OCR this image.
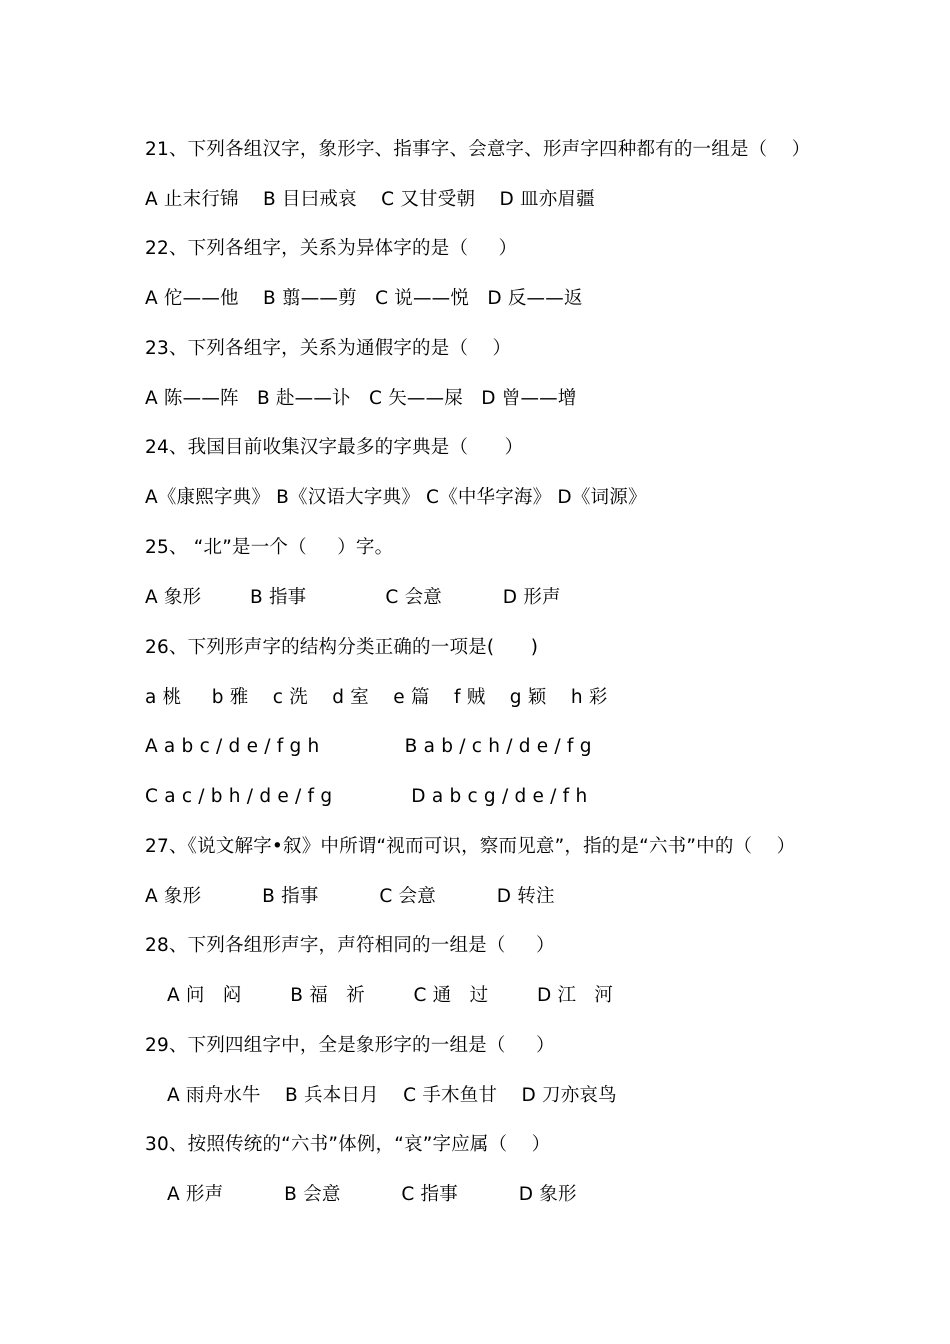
21、下列各组汉字，象形字、指事字、会意字、形声字四种都有的一组是（    ）
A 止末行锦    B 目曰戒哀    C 又甘受朝    D 皿亦眉疆
22、下列各组字，关系为异体字的是（     ）
A 佗——他    B 翦——剪   C 说——悦   D 反——返
23、下列各组字，关系为通假字的是（    ）
A 陈——阵   B 赴——讣   C 矢——屎   D 曾——增
24、我国目前收集汉字最多的字典是（      ）
A《康熙字典》 B《汉语大字典》 C《中华字海》 D《词源》
25、 “北”是一个（     ）字。
A 象形        B 指事             C 会意          D 形声
26、下列形声字的结构分类正确的一项是(      )
a 桃     b 雅    c 洗    d 室    e 篇    f 贼    g 颖    h 彩
A a b c / d e / f g h              B a b / c h / d e / f g
C a c / b h / d e / f g             D a b c g / d e / f h
27、《说文解字•叙》中所谓“视而可识，察而见意”，指的是“六书”中的（    ）
A 象形          B 指事          C 会意          D 转注
28、下列各组形声字，声符相同的一组是（     ）
A 问   闷        B 福   祈        C 通   过        D 江   河
29、下列四组字中，全是象形字的一组是（     ）
A 雨舟水牛    B 兵本日月    C 手木鱼甘    D 刀亦哀鸟
30、按照传统的“六书”体例，“哀”字应属（    ）
A 形声          B 会意          C 指事          D 象形
